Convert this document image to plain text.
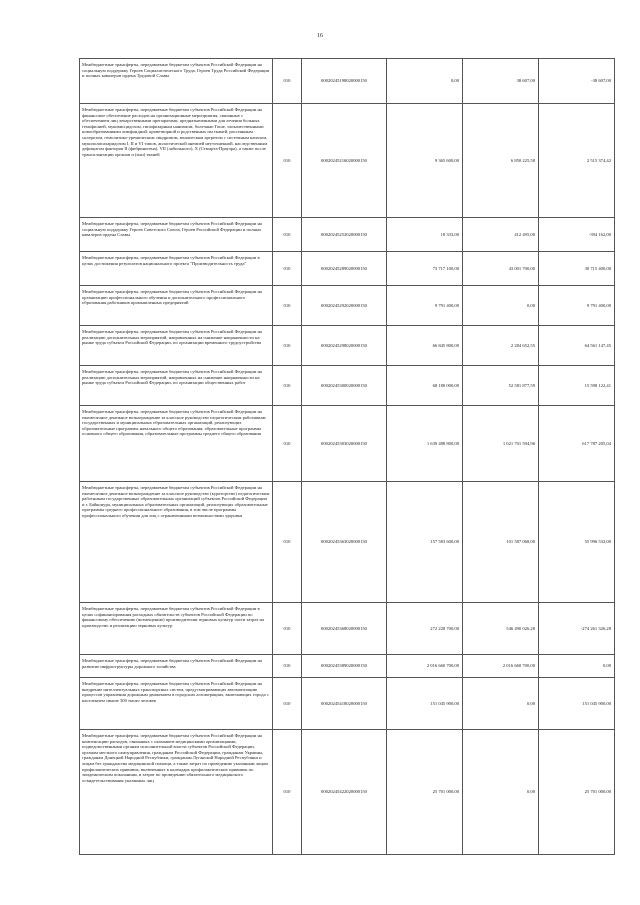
16
Межбюджетные трансферты, передаваемые бюджетам субъектов Российской Федерации на социальную поддержку Героев Социалистического Труда, Героев Труда Российской Федерации и полных кавалеров ордена Трудовой Славы	010	00020245198020000150	0,00	38 607,00	-38 607,00
Межбюджетные трансферты, передаваемые бюджетам субъектов Российской Федерации на финансовое обеспечение расходов на организационные мероприятия, связанные с обеспечением лиц лекарственными препаратами, предназначенными для лечения больных гемофилией, муковисцидозом, гипофизарным нанизмом, болезнью Гоше, злокачественными новообразованиями лимфоидной, кроветворной и родственных им тканей, рассеянным склерозом, гемолитико-уремическим синдромом, юношеским артритом с системным началом, мукополисахаридозом I, II и VI типов, апластической анемией неуточненной, наследственным дефицитом факторов II (фибриногена), VII (лабильного), X (Стюарта-Прауэра), а также после трансплантации органов и (или) тканей	010	00020245216020000150	9 365 600,00	6 850 225,58	2 515 374,42
Межбюджетные трансферты, передаваемые бюджетам субъектов Российской Федерации на социальную поддержку Героев Советского Союза, Героев Российской Федерации и полных кавалеров ордена Славы	010	00020245252020000150	18 333,00	412 495,00	-394 162,00
Межбюджетные трансферты, передаваемые бюджетам субъектов Российской Федерации в целях достижения результатов национального проекта "Производительность труда"	010	00020245289020000150	73 717 100,00	43 001 700,00	30 715 400,00
Межбюджетные трансферты, передаваемые бюджетам субъектов Российской Федерации на организацию профессионального обучения и дополнительного профессионального образования работников промышленных предприятий	010	00020245292020000150	9 791 400,00	0,00	9 791 400,00
Межбюджетные трансферты, передаваемые бюджетам субъектов Российской Федерации на реализацию дополнительных мероприятий, направленных на снижение напряженности на рынке труда субъекта Российской Федерации, по организации временного трудоустройства	010	00020245298020000150	66 845 800,00	2 284 652,55	64 561 147,45
Межбюджетные трансферты, передаваемые бюджетам субъектов Российской Федерации на реализацию дополнительных мероприятий, направленных на снижение напряженности на рынке труда субъекта Российской Федерации, по организации общественных работ	010	00020245300020000150	68 180 000,00	52 581 877,59	15 598 122,41
Межбюджетные трансферты, передаваемые бюджетам субъектов Российской Федерации на ежемесячное денежное вознаграждение за классное руководство педагогическим работникам государственных и муниципальных образовательных организаций, реализующих образовательные программы начального общего образования, образовательные программы основного общего образования, образовательные программы среднего общего образования	010	00020245303020000150	1 639 488 800,00	1 021 701 594,96	617 787 205,04
Межбюджетные трансферты, передаваемые бюджетам субъектов Российской Федерации на ежемесячное денежное вознаграждение за классное руководство (кураторство) педагогическим работникам государственных образовательных организаций субъектов Российской Федерации и г. Байконура, муниципальных образовательных организаций, реализующих образовательные программы среднего профессионального образования, в том числе программы профессионального обучения для лиц с ограниченными возможностями здоровья	010	00020245363020000150	157 583 600,00	101 587 068,00	55 996 532,00
Межбюджетные трансферты, передаваемые бюджетам субъектов Российской Федерации в целях софинансирования расходных обязательств субъектов Российской Федерации по финансовому обеспечению (возмещению) производителям зерновых культур части затрат на производство и реализацию зерновых культур	010	00020245368020000150	272 228 700,00	546 490 026,28	-274 261 326,28
Межбюджетные трансферты, передаваемые бюджетам субъектов Российской Федерации на развитие инфраструктуры дорожного хозяйства	010	00020245389020000150	2 016 660 700,00	2 016 660 700,00	0,00
Межбюджетные трансферты, передаваемые бюджетам субъектов Российской Федерации на внедрение интеллектуальных транспортных систем, предусматривающих автоматизацию процессов управления дорожным движением в городских агломерациях, включающих города с населением свыше 300 тысяч человек	010	00020245418020000150	151 045 900,00	0,00	151 045 900,00
Межбюджетные трансферты, передаваемые бюджетам субъектов Российской Федерации на компенсацию расходов, связанных с оказанием медицинскими организациями, подведомственными органам исполнительной власти субъектов Российской Федерации, органам местного самоуправления, гражданам Российской Федерации, гражданам Украины, гражданам Донецкой Народной Республики, гражданам Луганской Народной Республики и лицам без гражданства медицинской помощи, а также затрат по проведению указанным лицам профилактических прививок, включенных в календарь профилактических прививок по эпидемическим показаниям, и затрат по проведению обязательного медицинского освидетельствования указанных лиц	010	00020245422020000150	25 701 000,00	0,00	25 701 000,00
